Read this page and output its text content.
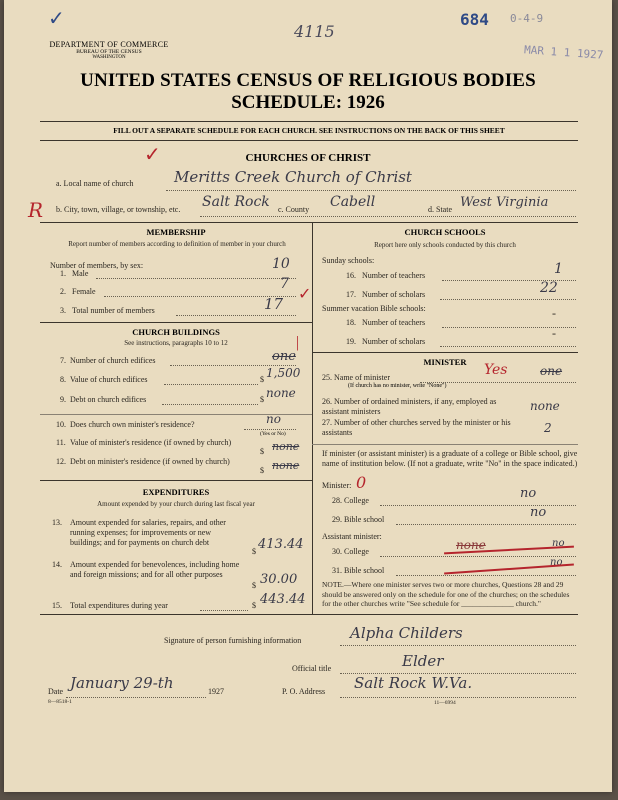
✓
4115
684 0-4-9
MAR 1 1 1927
DEPARTMENT OF COMMERCE
BUREAU OF THE CENSUS
WASHINGTON
UNITED STATES CENSUS OF RELIGIOUS BODIES
SCHEDULE: 1926
FILL OUT A SEPARATE SCHEDULE FOR EACH CHURCH. SEE INSTRUCTIONS ON THE BACK OF THIS SHEET
✓	CHURCHES OF CHRIST
a. Local name of church	Meritts Creek Church of Christ
R b. City, town, village, or township, etc. Salt Rock c. County Cabell	d. State West Virginia
MEMBERSHIP
Report number of members according to definition of member in your church
Number of members, by sex:
1. Male
10
2. Female	7
3. Total number of members	17
✓
CHURCH BUILDINGS
See instructions, paragraphs 10 to 12
7. Number of church edifices	one
|
8. Value of church edifices	$ 1,500
9. Debt on church edifices	$ none
10. Does church own minister's residence?	no
(Yes or No)
11. Value of minister's residence (if owned by church)
$ none
12. Debt on minister's residence (if owned by church)
$ none
EXPENDITURES
Amount expended by your church during last fiscal year
13. Amount expended for salaries, repairs, and other running expenses; for improvements or new buildings; and for payments on church debt
$ 413.44
14. Amount expended for benevolences, including home and foreign missions; and for all other purposes
$ 30.00
15. Total expenditures during year	$ 443.44
CHURCH SCHOOLS
Report here only schools conducted by this church
Sunday schools:
16. Number of teachers	1
17. Number of scholars	22
Summer vacation Bible schools:
18. Number of teachers
-
19. Number of scholars
-
MINISTER
25. Name of minister
(If church has no minister, write "None")
Yes	one
26. Number of ordained ministers, if any, employed as assistant ministers	none
27. Number of other churches served by the minister or his assistants	2
If minister (or assistant minister) is a graduate of a college or Bible school, give name of institution below. (If not a graduate, write "No" in the space indicated.)
Minister: 0
28. College	no
29. Bible school	no
Assistant minister:
30. College	none	no
31. Bible school
no
NOTE.—Where one minister serves two or more churches, Questions 28 and 29 should be answered only on the schedule for one of the churches; on the schedules for the other churches write "See schedule for ______________ church."
Signature of person furnishing information	Alpha Childers
Official title	Elder
Date January 29-th	1927
8—8518-1
P. O. Address Salt Rock W.Va.
11—6994
